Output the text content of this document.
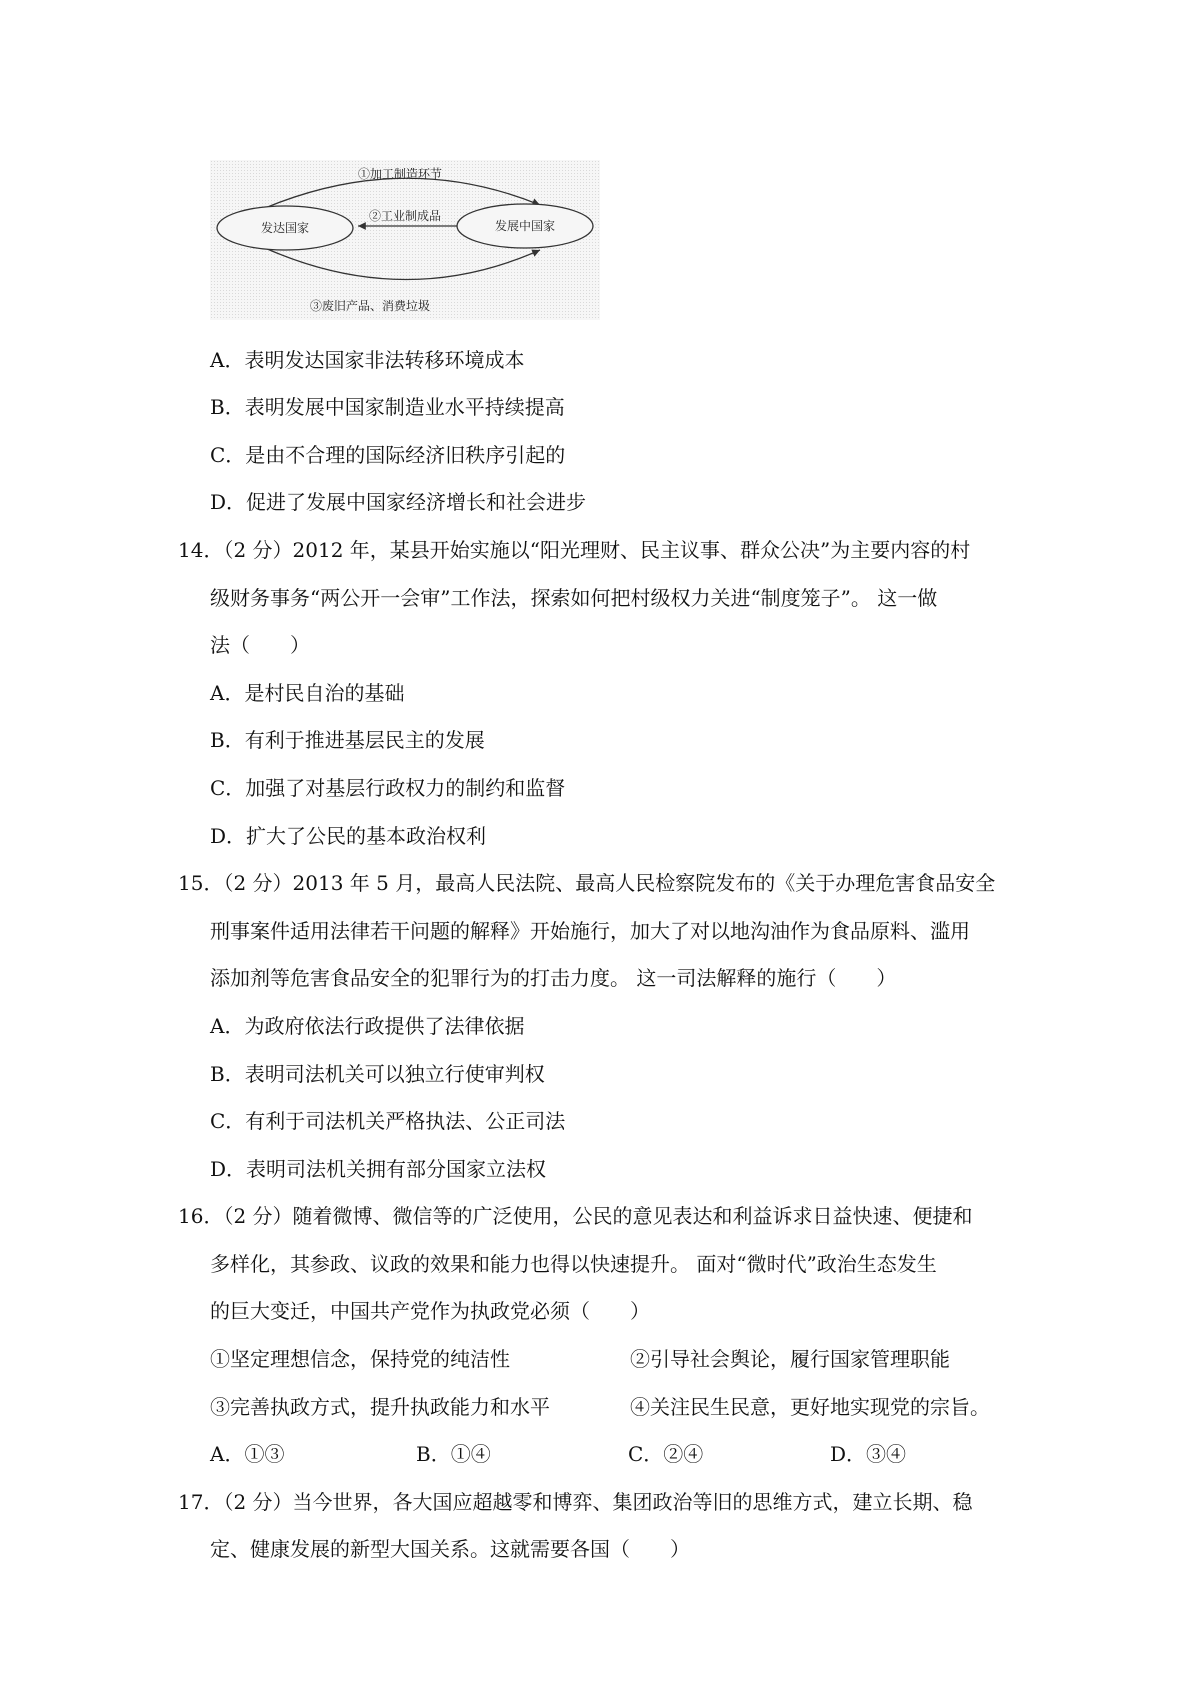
发达国家	发展中国家
①加工制造环节
②工业制成品
③废旧产品、消费垃圾
A．表明发达国家非法转移环境成本
B．表明发展中国家制造业水平持续提高
C．是由不合理的国际经济旧秩序引起的
D．促进了发展中国家经济增长和社会进步
14．（2 分）2012 年，某县开始实施以“阳光理财、民主议事、群众公决”为主要内容的村
级财务事务“两公开一会审”工作法，探索如何把村级权力关进“制度笼子”。 这一做
法（　　）
A．是村民自治的基础
B．有利于推进基层民主的发展
C．加强了对基层行政权力的制约和监督
D．扩大了公民的基本政治权利
15．（2 分）2013 年 5 月，最高人民法院、最高人民检察院发布的《关于办理危害食品安全
刑事案件适用法律若干问题的解释》开始施行，加大了对以地沟油作为食品原料、滥用
添加剂等危害食品安全的犯罪行为的打击力度。 这一司法解释的施行（　　）
A．为政府依法行政提供了法律依据
B．表明司法机关可以独立行使审判权
C．有利于司法机关严格执法、公正司法
D．表明司法机关拥有部分国家立法权
16．（2 分）随着微博、微信等的广泛使用，公民的意见表达和利益诉求日益快速、便捷和
多样化，其参政、议政的效果和能力也得以快速提升。 面对“微时代”政治生态发生
的巨大变迁，中国共产党作为执政党必须（　　）
①坚定理想信念，保持党的纯洁性	②引导社会舆论，履行国家管理职能
③完善执政方式，提升执政能力和水平	④关注民生民意，更好地实现党的宗旨。
A．①③	B．①④	C．②④	D．③④
17．（2 分）当今世界，各大国应超越零和博弈、集团政治等旧的思维方式，建立长期、稳
定、健康发展的新型大国关系。这就需要各国（　　）
